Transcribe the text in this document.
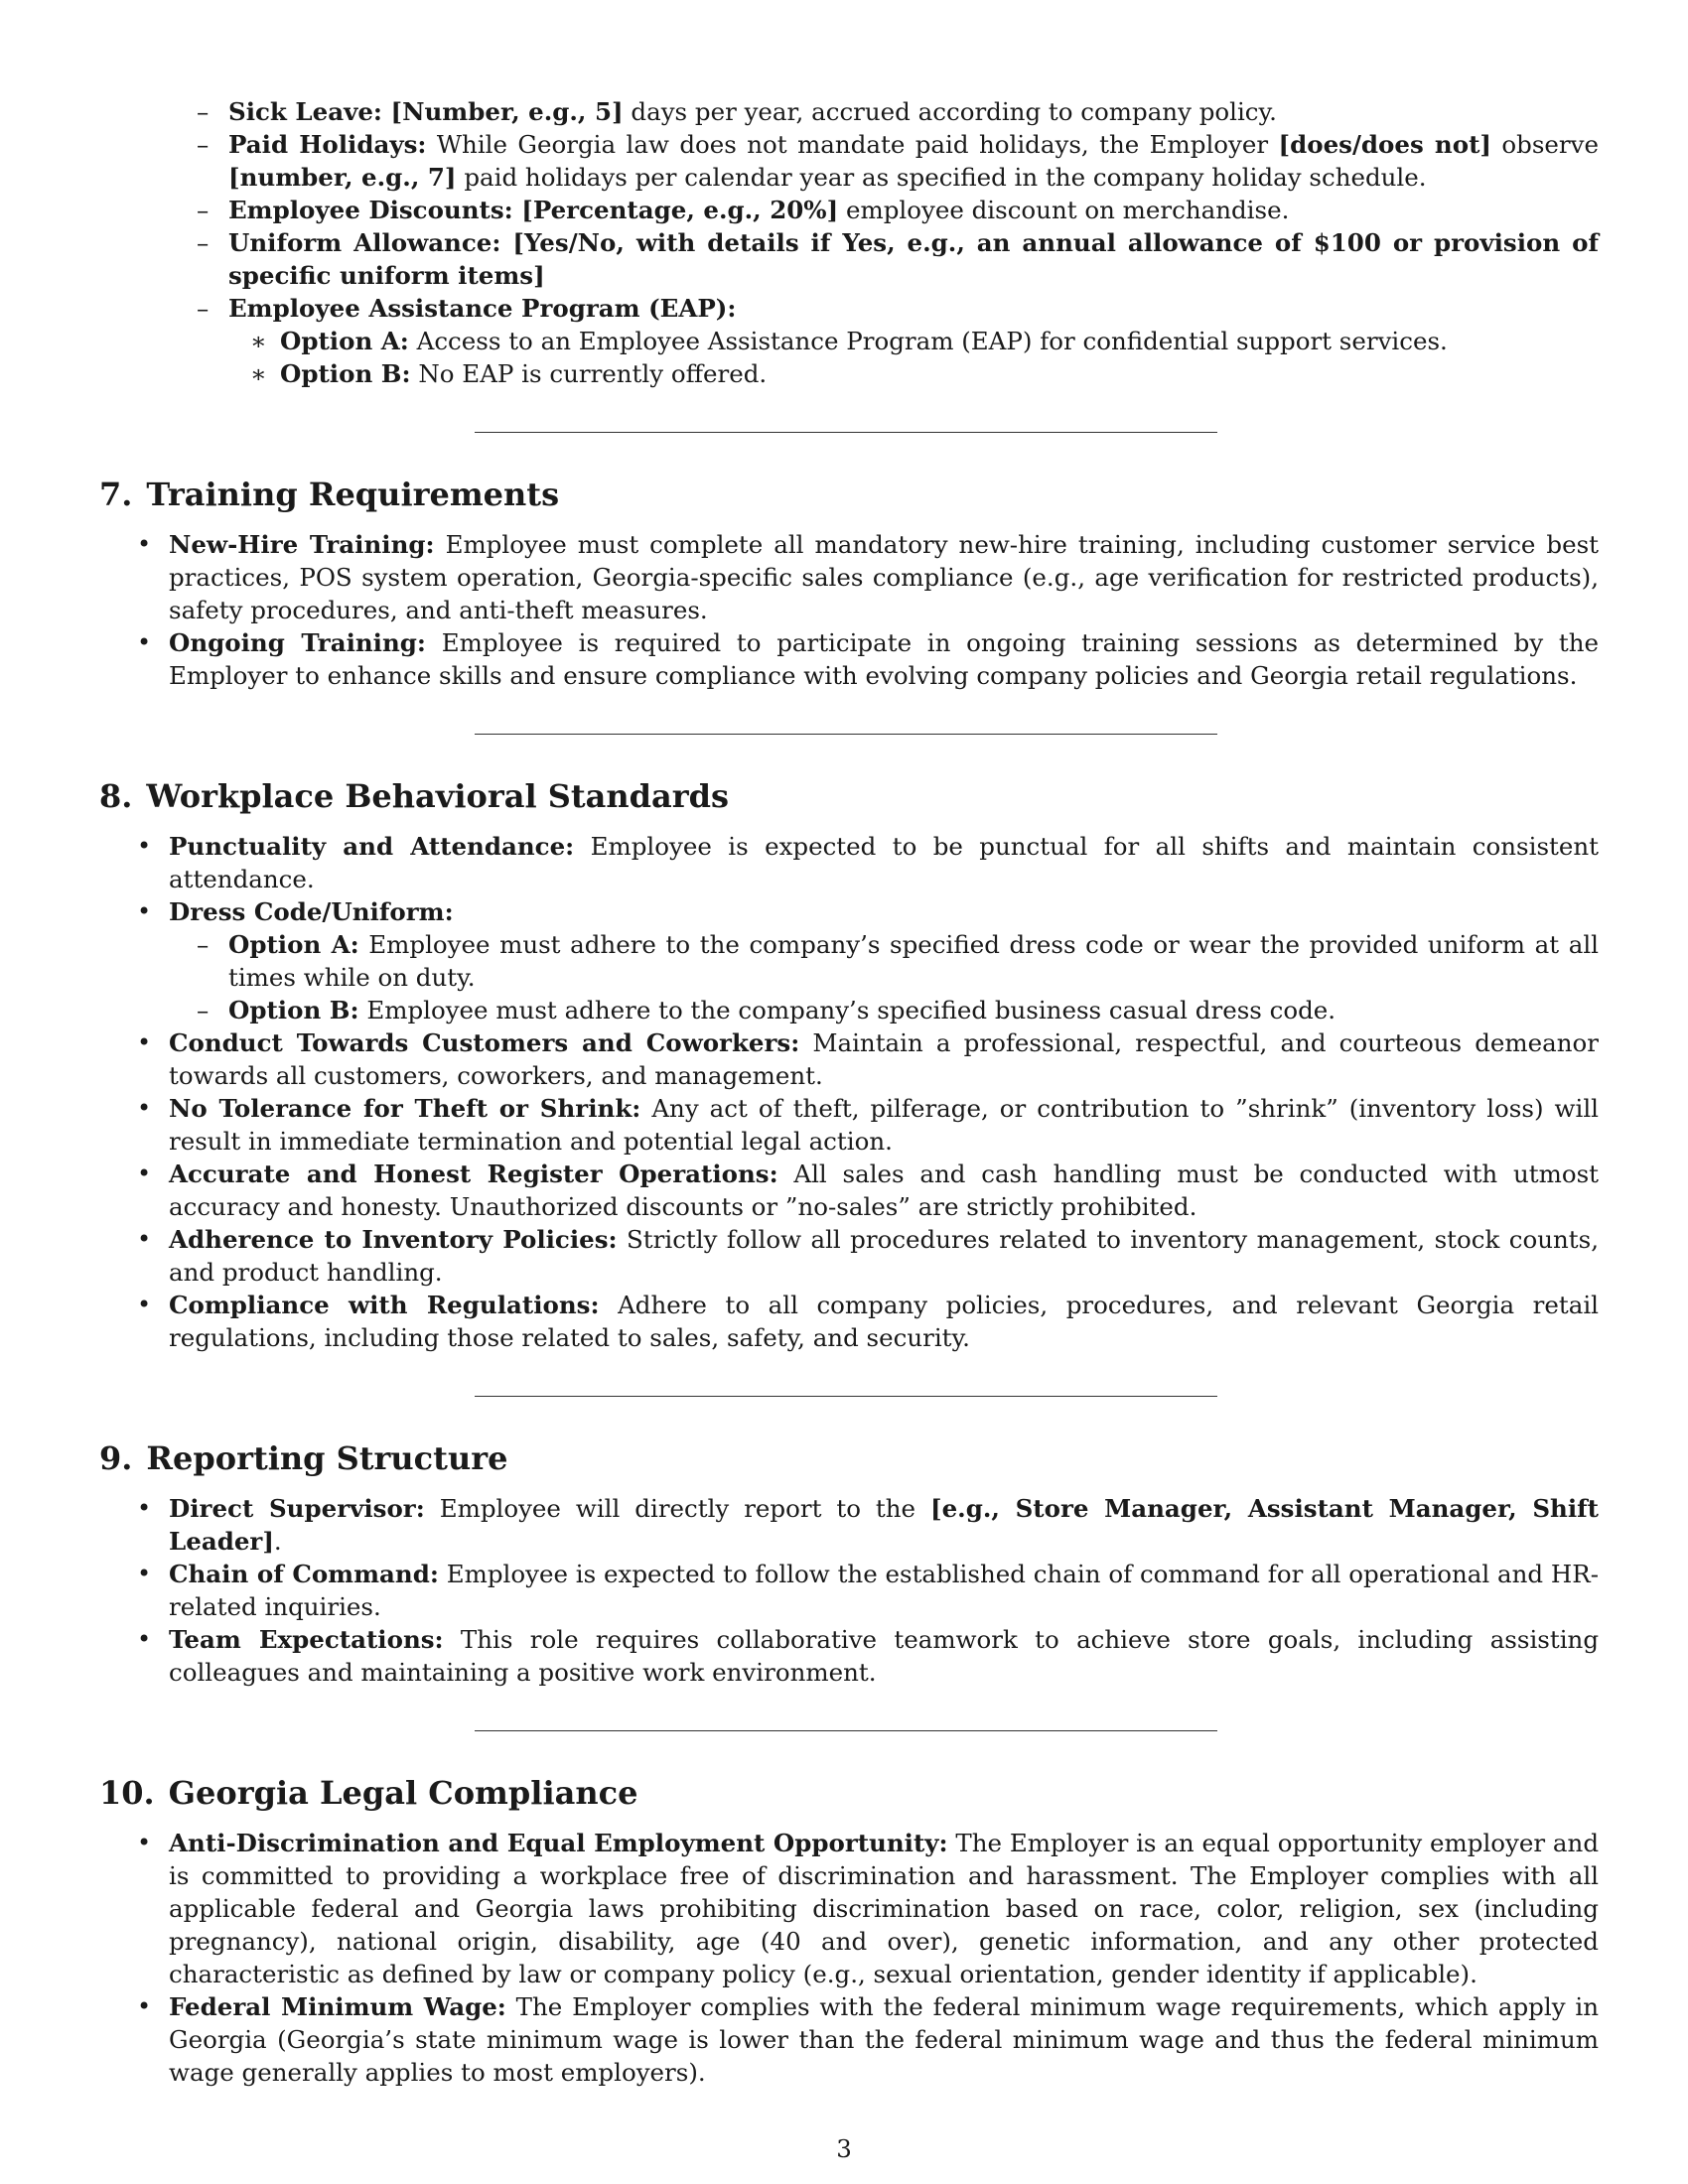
– Sick Leave: [Number, e.g., 5] days per year, accrued according to company policy.
– Paid Holidays: While Georgia law does not mandate paid holidays, the Employer [does/does not] observe [number, e.g., 7] paid holidays per calendar year as specified in the company holiday schedule.
– Employee Discounts: [Percentage, e.g., 20%] employee discount on merchandise.
– Uniform Allowance: [Yes/No, with details if Yes, e.g., an annual allowance of $100 or provision of specific uniform items]
– Employee Assistance Program (EAP):
∗ Option A: Access to an Employee Assistance Program (EAP) for confidential support services.
∗ Option B: No EAP is currently offered.
7. Training Requirements
• New-Hire Training: Employee must complete all mandatory new-hire training, including customer service best practices, POS system operation, Georgia-specific sales compliance (e.g., age verification for restricted products), safety procedures, and anti-theft measures.
• Ongoing Training: Employee is required to participate in ongoing training sessions as determined by the Employer to enhance skills and ensure compliance with evolving company policies and Georgia retail regulations.
8. Workplace Behavioral Standards
• Punctuality and Attendance: Employee is expected to be punctual for all shifts and maintain consistent attendance.
• Dress Code/Uniform:
– Option A: Employee must adhere to the company’s specified dress code or wear the provided uniform at all times while on duty.
– Option B: Employee must adhere to the company’s specified business casual dress code.
• Conduct Towards Customers and Coworkers: Maintain a professional, respectful, and courteous demeanor towards all customers, coworkers, and management.
• No Tolerance for Theft or Shrink: Any act of theft, pilferage, or contribution to ”shrink” (inventory loss) will result in immediate termination and potential legal action.
• Accurate and Honest Register Operations: All sales and cash handling must be conducted with utmost accuracy and honesty. Unauthorized discounts or ”no-sales” are strictly prohibited.
• Adherence to Inventory Policies: Strictly follow all procedures related to inventory management, stock counts, and product handling.
• Compliance with Regulations: Adhere to all company policies, procedures, and relevant Georgia retail regulations, including those related to sales, safety, and security.
9. Reporting Structure
• Direct Supervisor: Employee will directly report to the [e.g., Store Manager, Assistant Manager, Shift Leader].
• Chain of Command: Employee is expected to follow the established chain of command for all operational and HR-related inquiries.
• Team Expectations: This role requires collaborative teamwork to achieve store goals, including assisting colleagues and maintaining a positive work environment.
10. Georgia Legal Compliance
• Anti-Discrimination and Equal Employment Opportunity: The Employer is an equal opportunity employer and is committed to providing a workplace free of discrimination and harassment. The Employer complies with all applicable federal and Georgia laws prohibiting discrimination based on race, color, religion, sex (including pregnancy), national origin, disability, age (40 and over), genetic information, and any other protected characteristic as defined by law or company policy (e.g., sexual orientation, gender identity if applicable).
• Federal Minimum Wage: The Employer complies with the federal minimum wage requirements, which apply in Georgia (Georgia’s state minimum wage is lower than the federal minimum wage and thus the federal minimum wage generally applies to most employers).
3
